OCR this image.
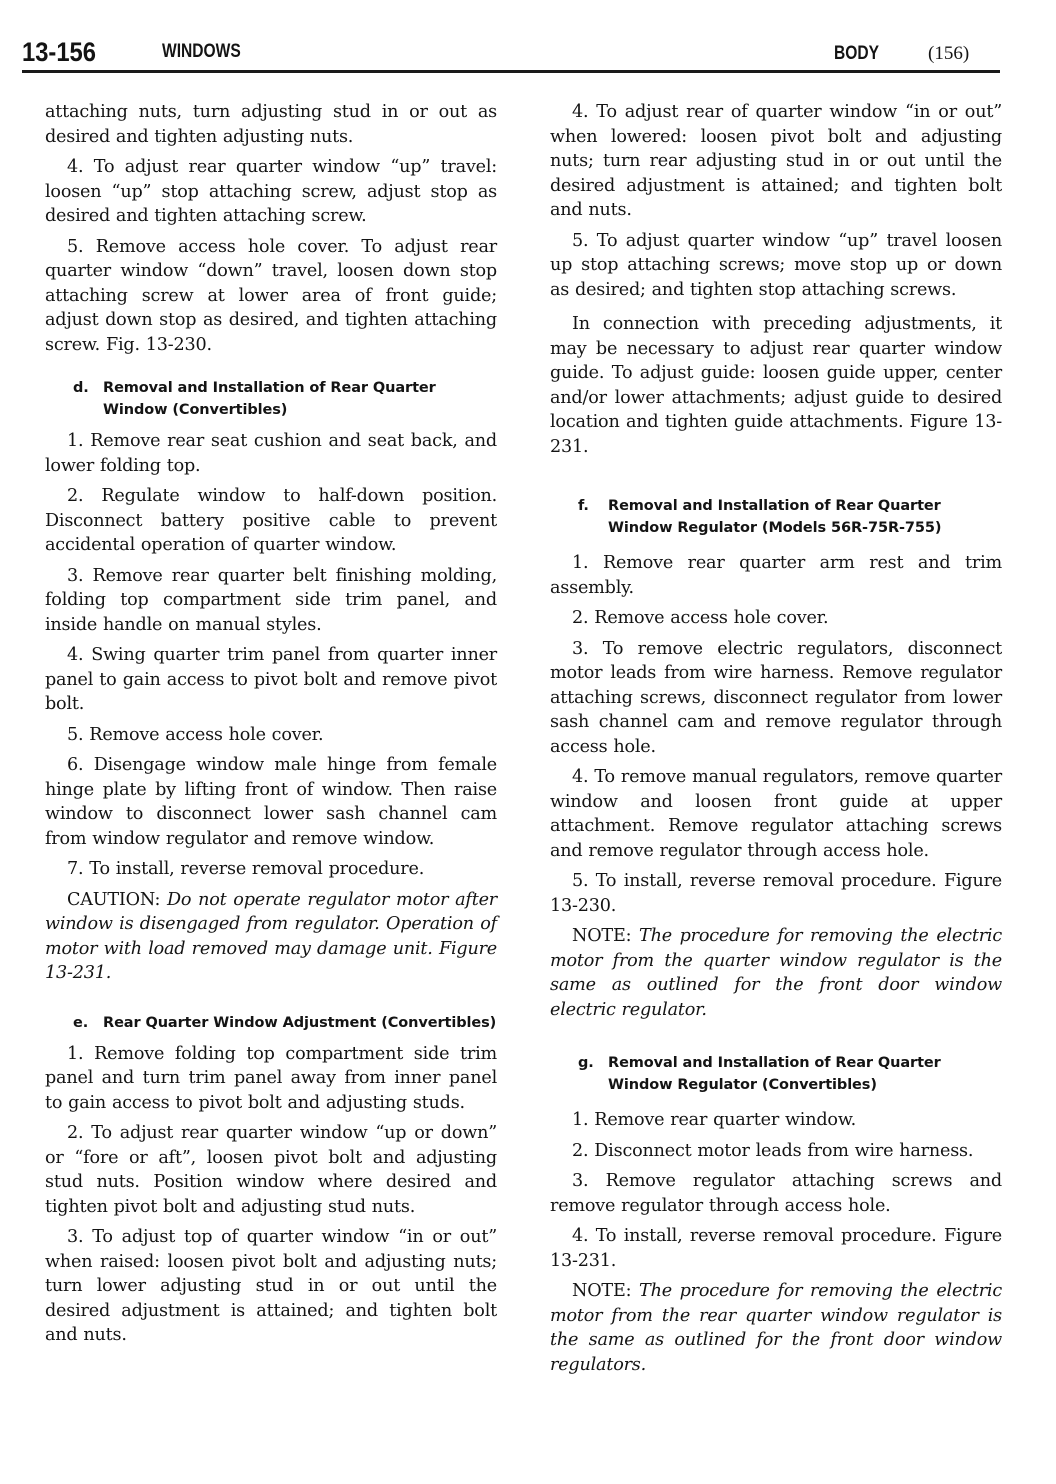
13-156	WINDOWS	BODY	(156)

attaching nuts, turn adjusting stud in or out as desired and tighten adjusting nuts.

4. To adjust rear quarter window “up” travel: loosen “up” stop attaching screw, adjust stop as desired and tighten attaching screw.

5. Remove access hole cover. To adjust rear quarter window “down” travel, loosen down stop attaching screw at lower area of front guide; adjust down stop as desired, and tighten attaching screw. Fig. 13-230.

d. Removal and Installation of Rear Quarter Window (Convertibles)

1. Remove rear seat cushion and seat back, and lower folding top.

2. Regulate window to half-down position. Disconnect battery positive cable to prevent accidental operation of quarter window.

3. Remove rear quarter belt finishing molding, folding top compartment side trim panel, and inside handle on manual styles.

4. Swing quarter trim panel from quarter inner panel to gain access to pivot bolt and remove pivot bolt.

5. Remove access hole cover.

6. Disengage window male hinge from female hinge plate by lifting front of window. Then raise window to disconnect lower sash channel cam from window regulator and remove window.

7. To install, reverse removal procedure.

CAUTION: Do not operate regulator motor after window is disengaged from regulator. Operation of motor with load removed may damage unit. Figure 13-231.

e. Rear Quarter Window Adjustment (Convertibles)

1. Remove folding top compartment side trim panel and turn trim panel away from inner panel to gain access to pivot bolt and adjusting studs.

2. To adjust rear quarter window “up or down” or “fore or aft”, loosen pivot bolt and adjusting stud nuts. Position window where desired and tighten pivot bolt and adjusting stud nuts.

3. To adjust top of quarter window “in or out” when raised: loosen pivot bolt and adjusting nuts; turn lower adjusting stud in or out until the desired adjustment is attained; and tighten bolt and nuts.

4. To adjust rear of quarter window “in or out” when lowered: loosen pivot bolt and adjusting nuts; turn rear adjusting stud in or out until the desired adjustment is attained; and tighten bolt and nuts.

5. To adjust quarter window “up” travel loosen up stop attaching screws; move stop up or down as desired; and tighten stop attaching screws.

In connection with preceding adjustments, it may be necessary to adjust rear quarter window guide. To adjust guide: loosen guide upper, center and/or lower attachments; adjust guide to desired location and tighten guide attachments. Figure 13-231.

f. Removal and Installation of Rear Quarter Window Regulator (Models 56R-75R-755)

1. Remove rear quarter arm rest and trim assembly.

2. Remove access hole cover.

3. To remove electric regulators, disconnect motor leads from wire harness. Remove regulator attaching screws, disconnect regulator from lower sash channel cam and remove regulator through access hole.

4. To remove manual regulators, remove quarter window and loosen front guide at upper attachment. Remove regulator attaching screws and remove regulator through access hole.

5. To install, reverse removal procedure. Figure 13-230.

NOTE: The procedure for removing the electric motor from the quarter window regulator is the same as outlined for the front door window electric regulator.

g. Removal and Installation of Rear Quarter Window Regulator (Convertibles)

1. Remove rear quarter window.

2. Disconnect motor leads from wire harness.

3. Remove regulator attaching screws and remove regulator through access hole.

4. To install, reverse removal procedure. Figure 13-231.

NOTE: The procedure for removing the electric motor from the rear quarter window regulator is the same as outlined for the front door window regulators.
